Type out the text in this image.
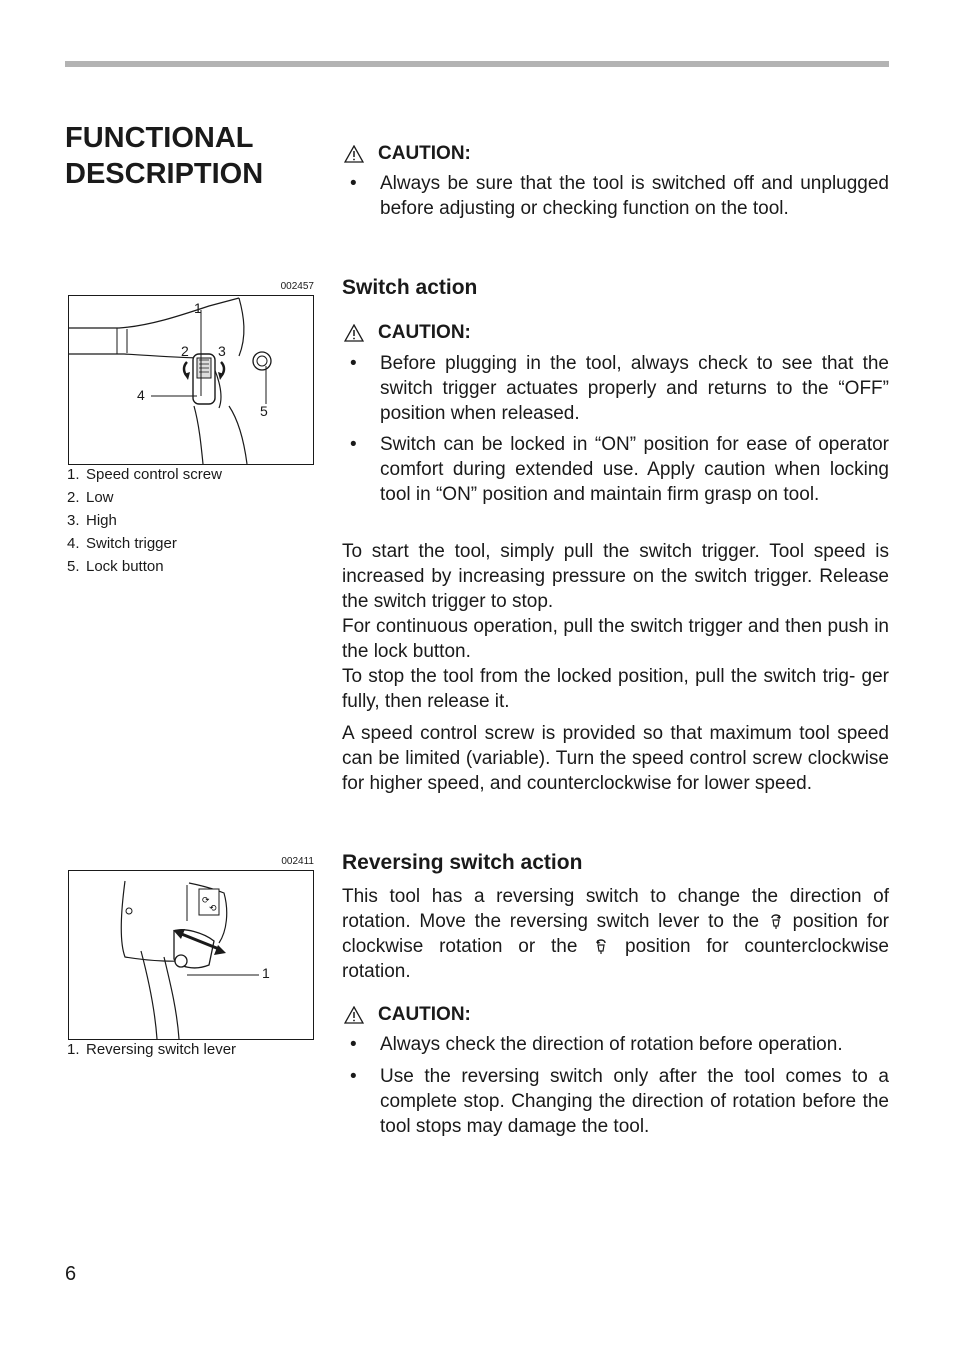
FUNCTIONAL
DESCRIPTION
002457
1
2 3
4
5
1. Speed control screw
2. Low
3. High
4. Switch trigger
5. Lock button
002411
⟳
⟲
1
1. Reversing switch lever
CAUTION:
• Always be sure that the tool is switched off and unplugged before adjusting or checking function on the tool.
Switch action
CAUTION:
• Before plugging in the tool, always check to see that the switch trigger actuates properly and returns to the “OFF” position when released.
• Switch can be locked in “ON” position for ease of operator comfort during extended use. Apply caution when locking tool in “ON” position and maintain firm grasp on tool.

To start the tool, simply pull the switch trigger. Tool speed is increased by increasing pressure on the switch trigger. Release the switch trigger to stop.

For continuous operation, pull the switch trigger and then push in the lock button.

To stop the tool from the locked position, pull the switch trig- ger fully, then release it.

A speed control screw is provided so that maximum tool speed can be limited (variable). Turn the speed control screw clockwise for higher speed, and counterclockwise for lower speed.
Reversing switch action
This tool has a reversing switch to change the direction of rotation. Move the reversing switch lever to the position for clockwise rotation or the	position for counterclockwise rotation.
CAUTION:
• Always check the direction of rotation before operation.
• Use the reversing switch only after the tool comes to a complete stop. Changing the direction of rotation before the tool stops may damage the tool.
6
